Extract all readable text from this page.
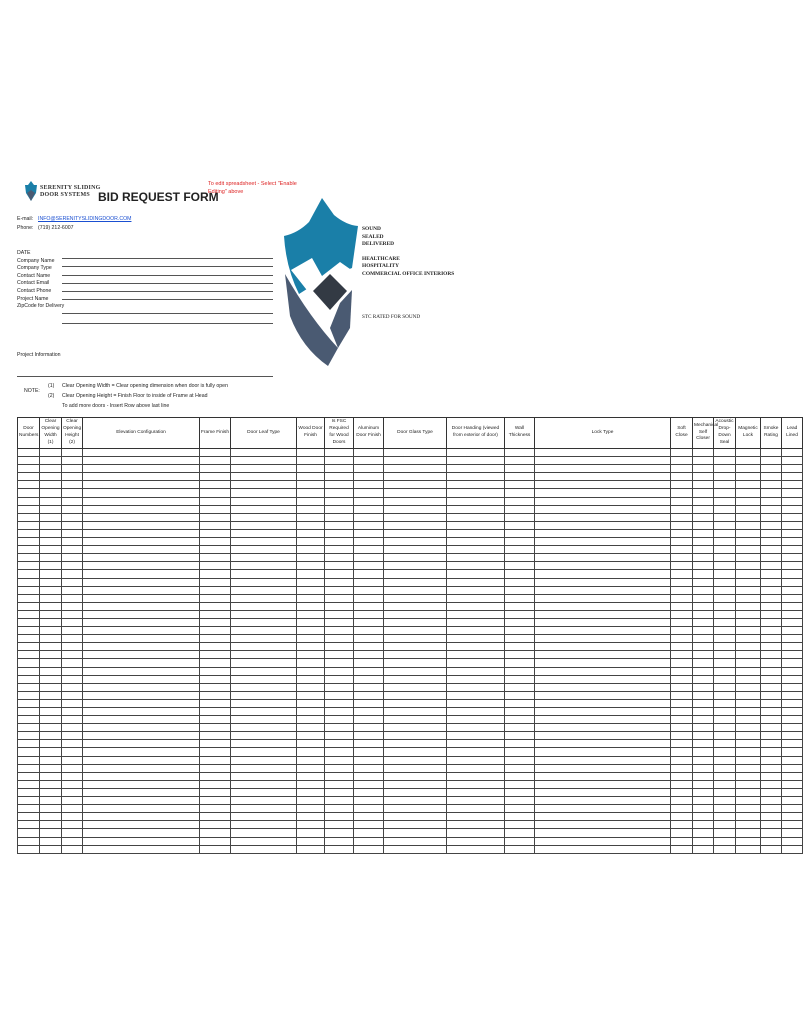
SERENITY SLIDING
DOOR SYSTEMS BID REQUEST FORM
To edit spreadsheet - Select "Enable
Editing" above
E-mail: INFO@SERENITYSLIDINGDOOR.COM
Phone: (719) 212-6007
DATE
Company Name
Company Type
Contact Name
Contact Email
Contact Phone
Project Name
ZipCode for Delivery
Project Information
NOTE:
(1) Clear Opening Width = Clear opening dimension when door is fully open
(2) Clear Opening Height = Finish Floor to inside of Frame at Head
To add more doors - Insert Row above last line
SOUND
SEALED
DELIVERED
HEALTHCARE
HOSPITALITY
COMMERCIAL OFFICE INTERIORS
STC RATED FOR SOUND
Door Numbers	Clear Opening Width (1)	Clear Opening Height (2)	Elevation Configuration	Frame Finish	Door Leaf Type	Wood Door Finish	Is FSC Required for Wood Doors	Aluminum Door Finish	Door Glass Type	Door Handing (viewed from exterior of door)	Wall Thickness	Lock Type	Soft Close	Mechanical Self Closer	Acoustic Drop-Down Seal	Magnetic Lock	Smoke Rating	Lead Lined
